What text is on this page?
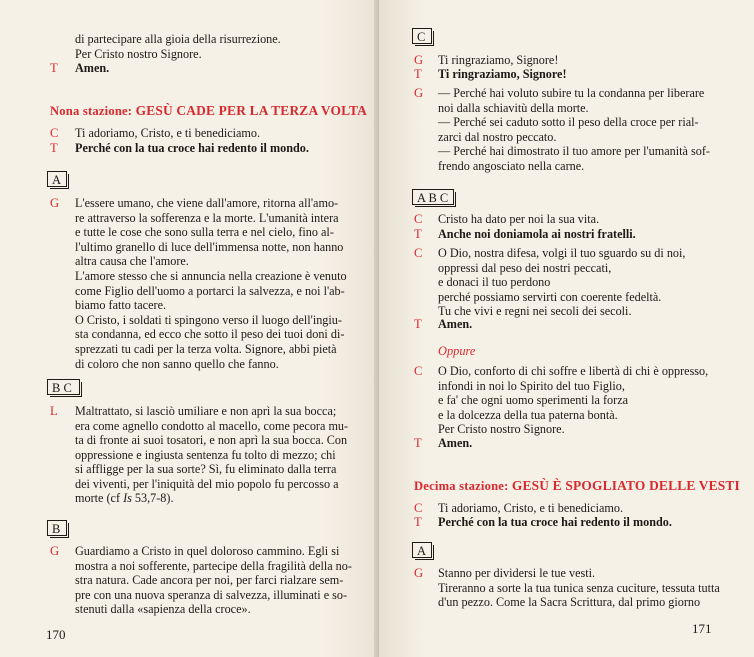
di partecipare alla gioia della risurrezione.
Per Cristo nostro Signore.
T Amen.
Nona stazione: GESÙ CADE PER LA TERZA VOLTA
C Ti adoriamo, Cristo, e ti benediciamo.
T Perché con la tua croce hai redento il mondo.
A
G L'essere umano, che viene dall'amore, ritorna all'amo-
re attraverso la sofferenza e la morte. L'umanità intera
e tutte le cose che sono sulla terra e nel cielo, fino al-
l'ultimo granello di luce dell'immensa notte, non hanno
altra causa che l'amore.
L'amore stesso che si annuncia nella creazione è venuto
come Figlio dell'uomo a portarci la salvezza, e noi l'ab-
biamo fatto tacere.
O Cristo, i soldati ti spingono verso il luogo dell'ingiu-
sta condanna, ed ecco che sotto il peso dei tuoi doni di-
sprezzati tu cadi per la terza volta. Signore, abbi pietà
di coloro che non sanno quello che fanno.
B C
L Maltrattato, si lasciò umiliare e non aprì la sua bocca;
era come agnello condotto al macello, come pecora mu-
ta di fronte ai suoi tosatori, e non aprì la sua bocca. Con
oppressione e ingiusta sentenza fu tolto di mezzo; chi
si affligge per la sua sorte? Sì, fu eliminato dalla terra
dei viventi, per l'iniquità del mio popolo fu percosso a
morte (cf Is 53,7-8).
B
G Guardiamo a Cristo in quel doloroso cammino. Egli si
mostra a noi sofferente, partecipe della fragilità della no-
stra natura. Cade ancora per noi, per farci rialzare sem-
pre con una nuova speranza di salvezza, illuminati e so-
stenuti dalla «sapienza della croce».
170
C
G Ti ringraziamo, Signore!
T Ti ringraziamo, Signore!
G — Perché hai voluto subire tu la condanna per liberare
noi dalla schiavitù della morte.
— Perché sei caduto sotto il peso della croce per rial-
zarci dal nostro peccato.
— Perché hai dimostrato il tuo amore per l'umanità sof-
frendo angosciato nella carne.
A B C
C Cristo ha dato per noi la sua vita.
T Anche noi doniamola ai nostri fratelli.
C O Dio, nostra difesa, volgi il tuo sguardo su di noi,
oppressi dal peso dei nostri peccati,
e donaci il tuo perdono
perché possiamo servirti con coerente fedeltà.
Tu che vivi e regni nei secoli dei secoli.
T Amen.
Oppure
C O Dio, conforto di chi soffre e libertà di chi è oppresso,
infondi in noi lo Spirito del tuo Figlio,
e fa' che ogni uomo sperimenti la forza
e la dolcezza della tua paterna bontà.
Per Cristo nostro Signore.
T Amen.
Decima stazione: GESÙ È SPOGLIATO DELLE VESTI
C Ti adoriamo, Cristo, e ti benediciamo.
T Perché con la tua croce hai redento il mondo.
A
G Stanno per dividersi le tue vesti.
Tireranno a sorte la tua tunica senza cuciture, tessuta tutta
d'un pezzo. Come la Sacra Scrittura, dal primo giorno
171
